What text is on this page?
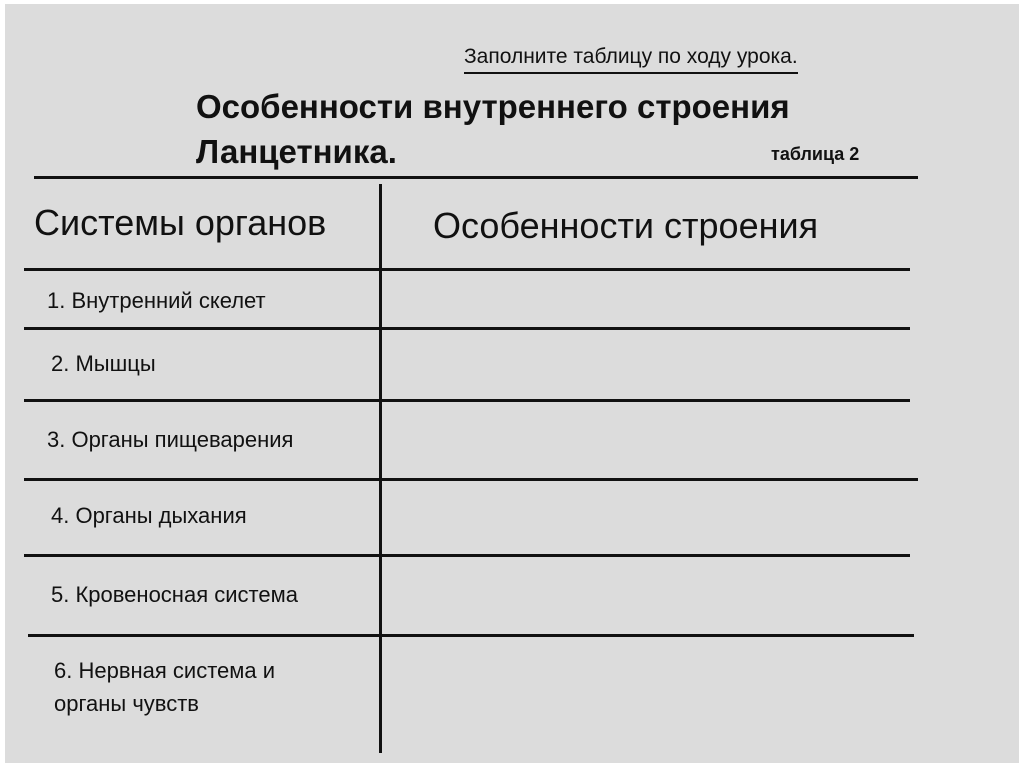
Заполните таблицу по ходу урока.
Особенности внутреннего строения Ланцетника.	таблица 2
Системы органов	Особенности строения
1. Внутренний скелет
2. Мышцы
3. Органы пищеварения
4. Органы дыхания
5. Кровеносная система
6. Нервная система и органы чувств
